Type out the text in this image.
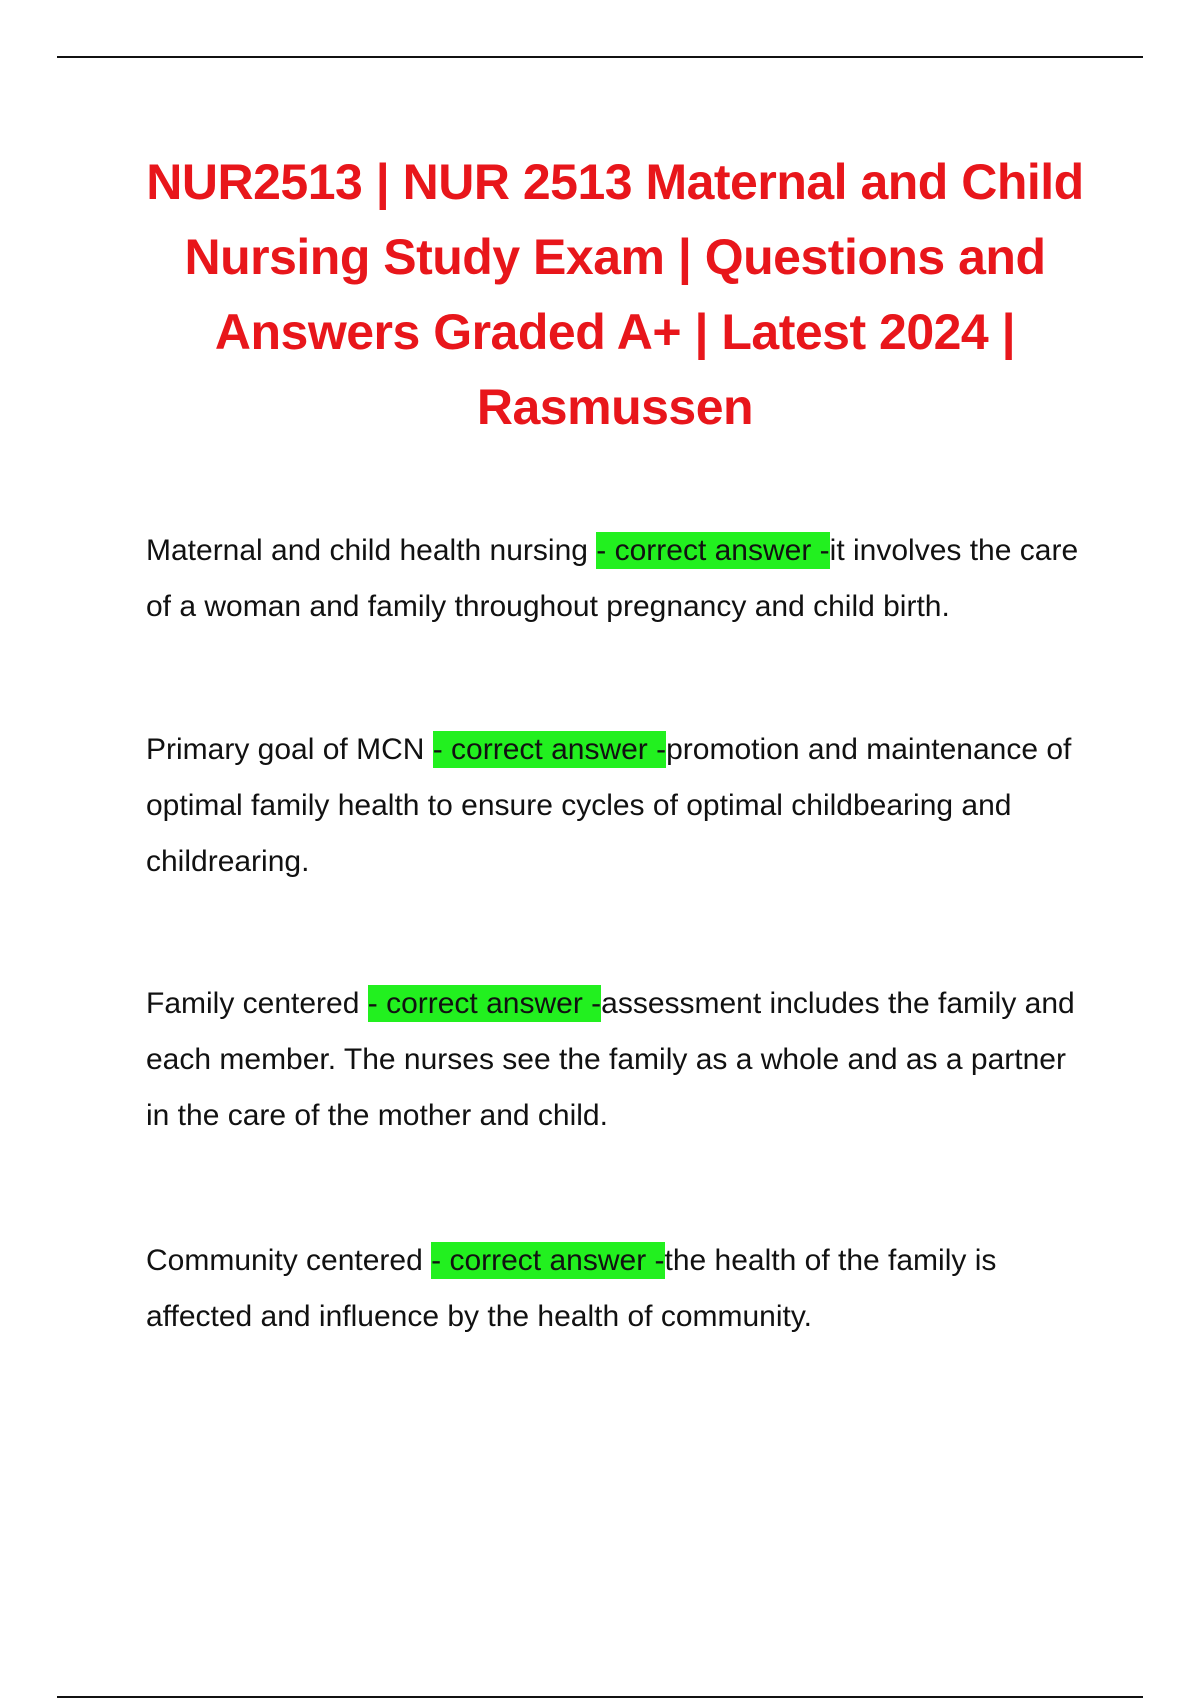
NUR2513 | NUR 2513 Maternal and Child Nursing Study Exam | Questions and Answers Graded A+ | Latest 2024 | Rasmussen

Maternal and child health nursing - correct answer -it involves the care of a woman and family throughout pregnancy and child birth.

Primary goal of MCN - correct answer -promotion and maintenance of optimal family health to ensure cycles of optimal childbearing and childrearing.

Family centered - correct answer -assessment includes the family and each member. The nurses see the family as a whole and as a partner in the care of the mother and child.

Community centered - correct answer -the health of the family is affected and influence by the health of community.
